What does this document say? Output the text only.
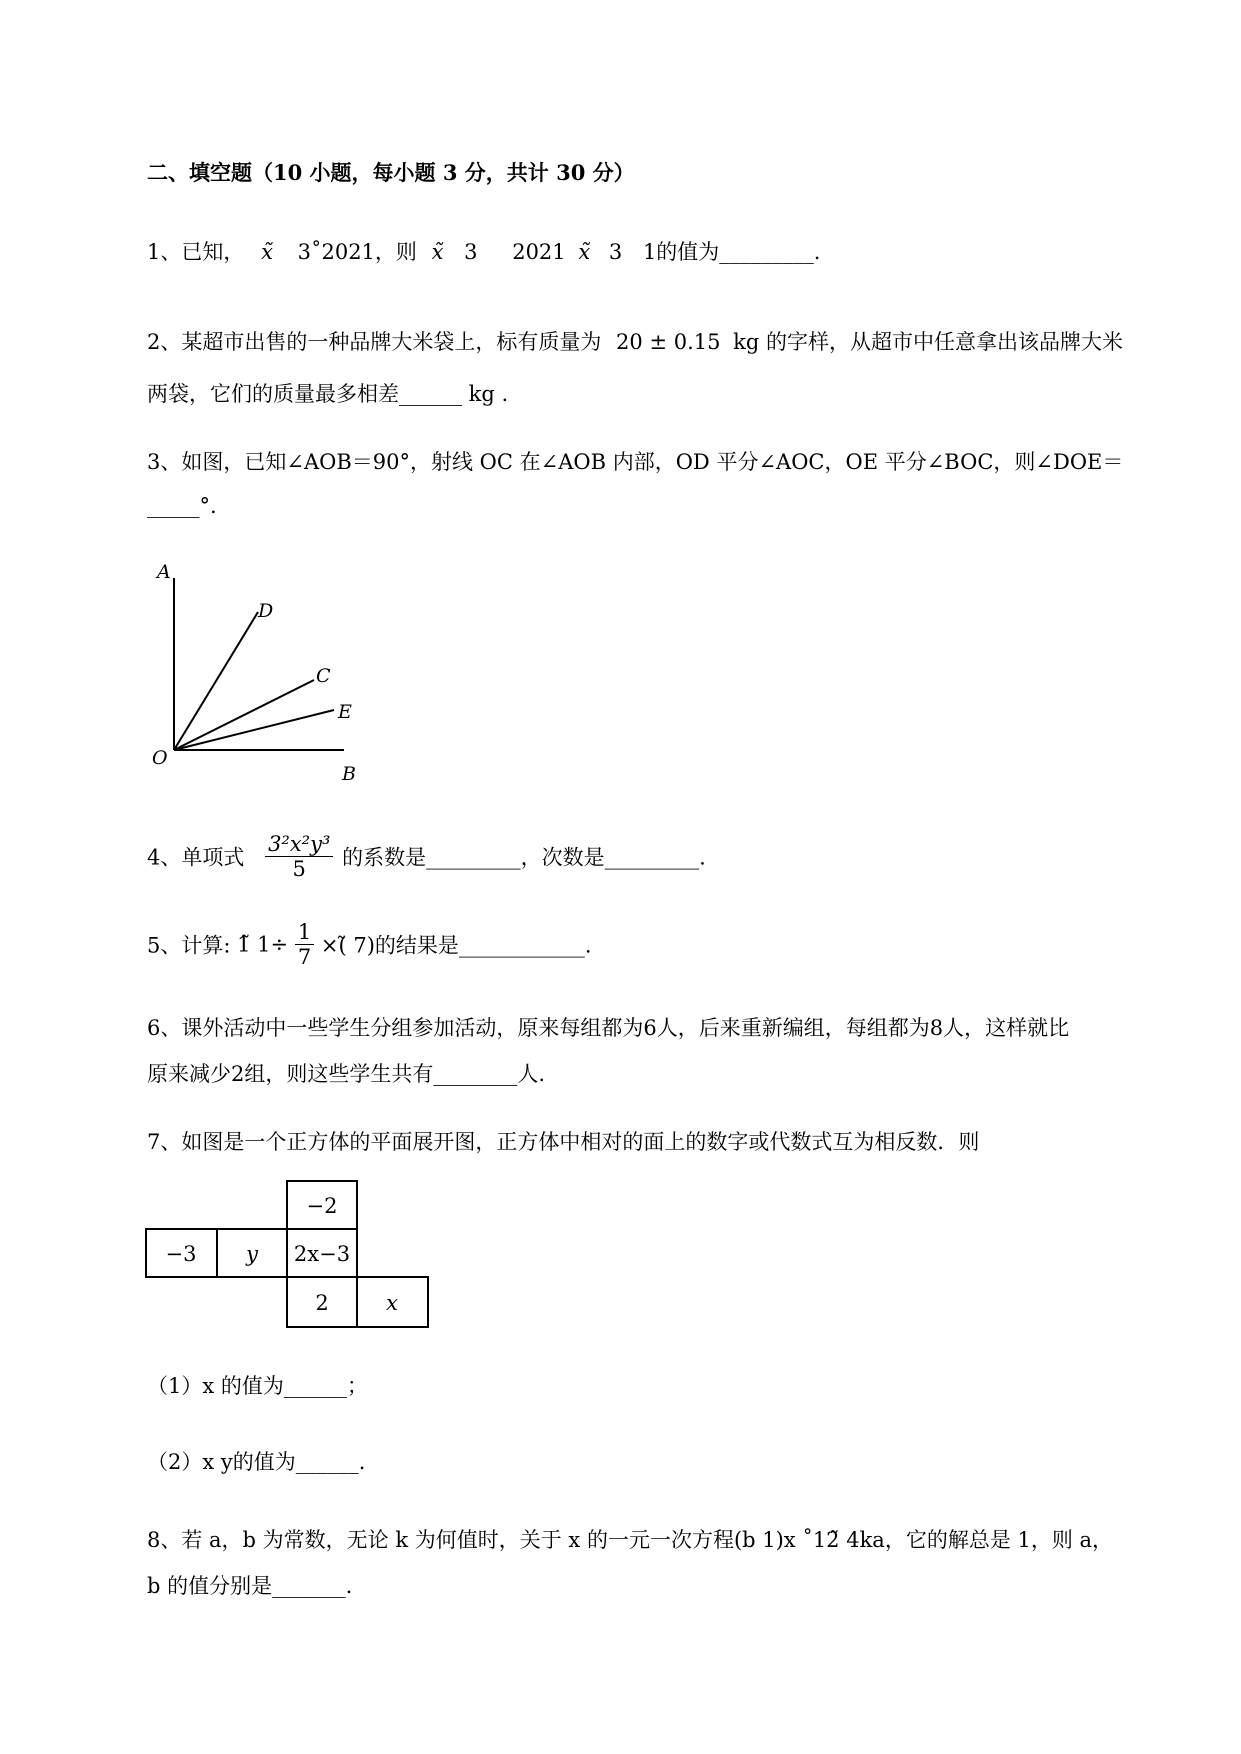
二、填空题（10 小题，每小题 3 分，共计 30 分）
1、已知， x̃ 3˚2021，则 x̃ 3 2021 x̃ 3 1的值为_________.
2、某超市出售的一种品牌大米袋上，标有质量为 20 ± 0.15 kg 的字样，从超市中任意拿出该品牌大米
两袋，它们的质量最多相差______ kg .
3、如图，已知∠AOB＝90°，射线 OC 在∠AOB 内部，OD 平分∠AOC，OE 平分∠BOC，则∠DOE＝
_____°.
A
D
C
E
O
B
−2
−3 y 2x−3
2	x
4、单项式 $\frac{\text{3²x²y³}}{5}$ 的系数是_________，次数是_________.
5、计算: 1̃ $1\div \frac{1}{7}$ ×(̃ 7)的结果是____________.
6、课外活动中一些学生分组参加活动，原来每组都为6人，后来重新编组，每组都为8人，这样就比
原来减少2组，则这些学生共有________人.
7、如图是一个正方体的平面展开图，正方体中相对的面上的数字或代数式互为相反数．则
（1）x 的值为______；
（2）x y的值为______.
8、若 a，b 为常数，无论 k 为何值时，关于 x 的一元一次方程(b 1)x ˚12̃ 4ka，它的解总是 1，则 a，
b 的值分别是_______.
